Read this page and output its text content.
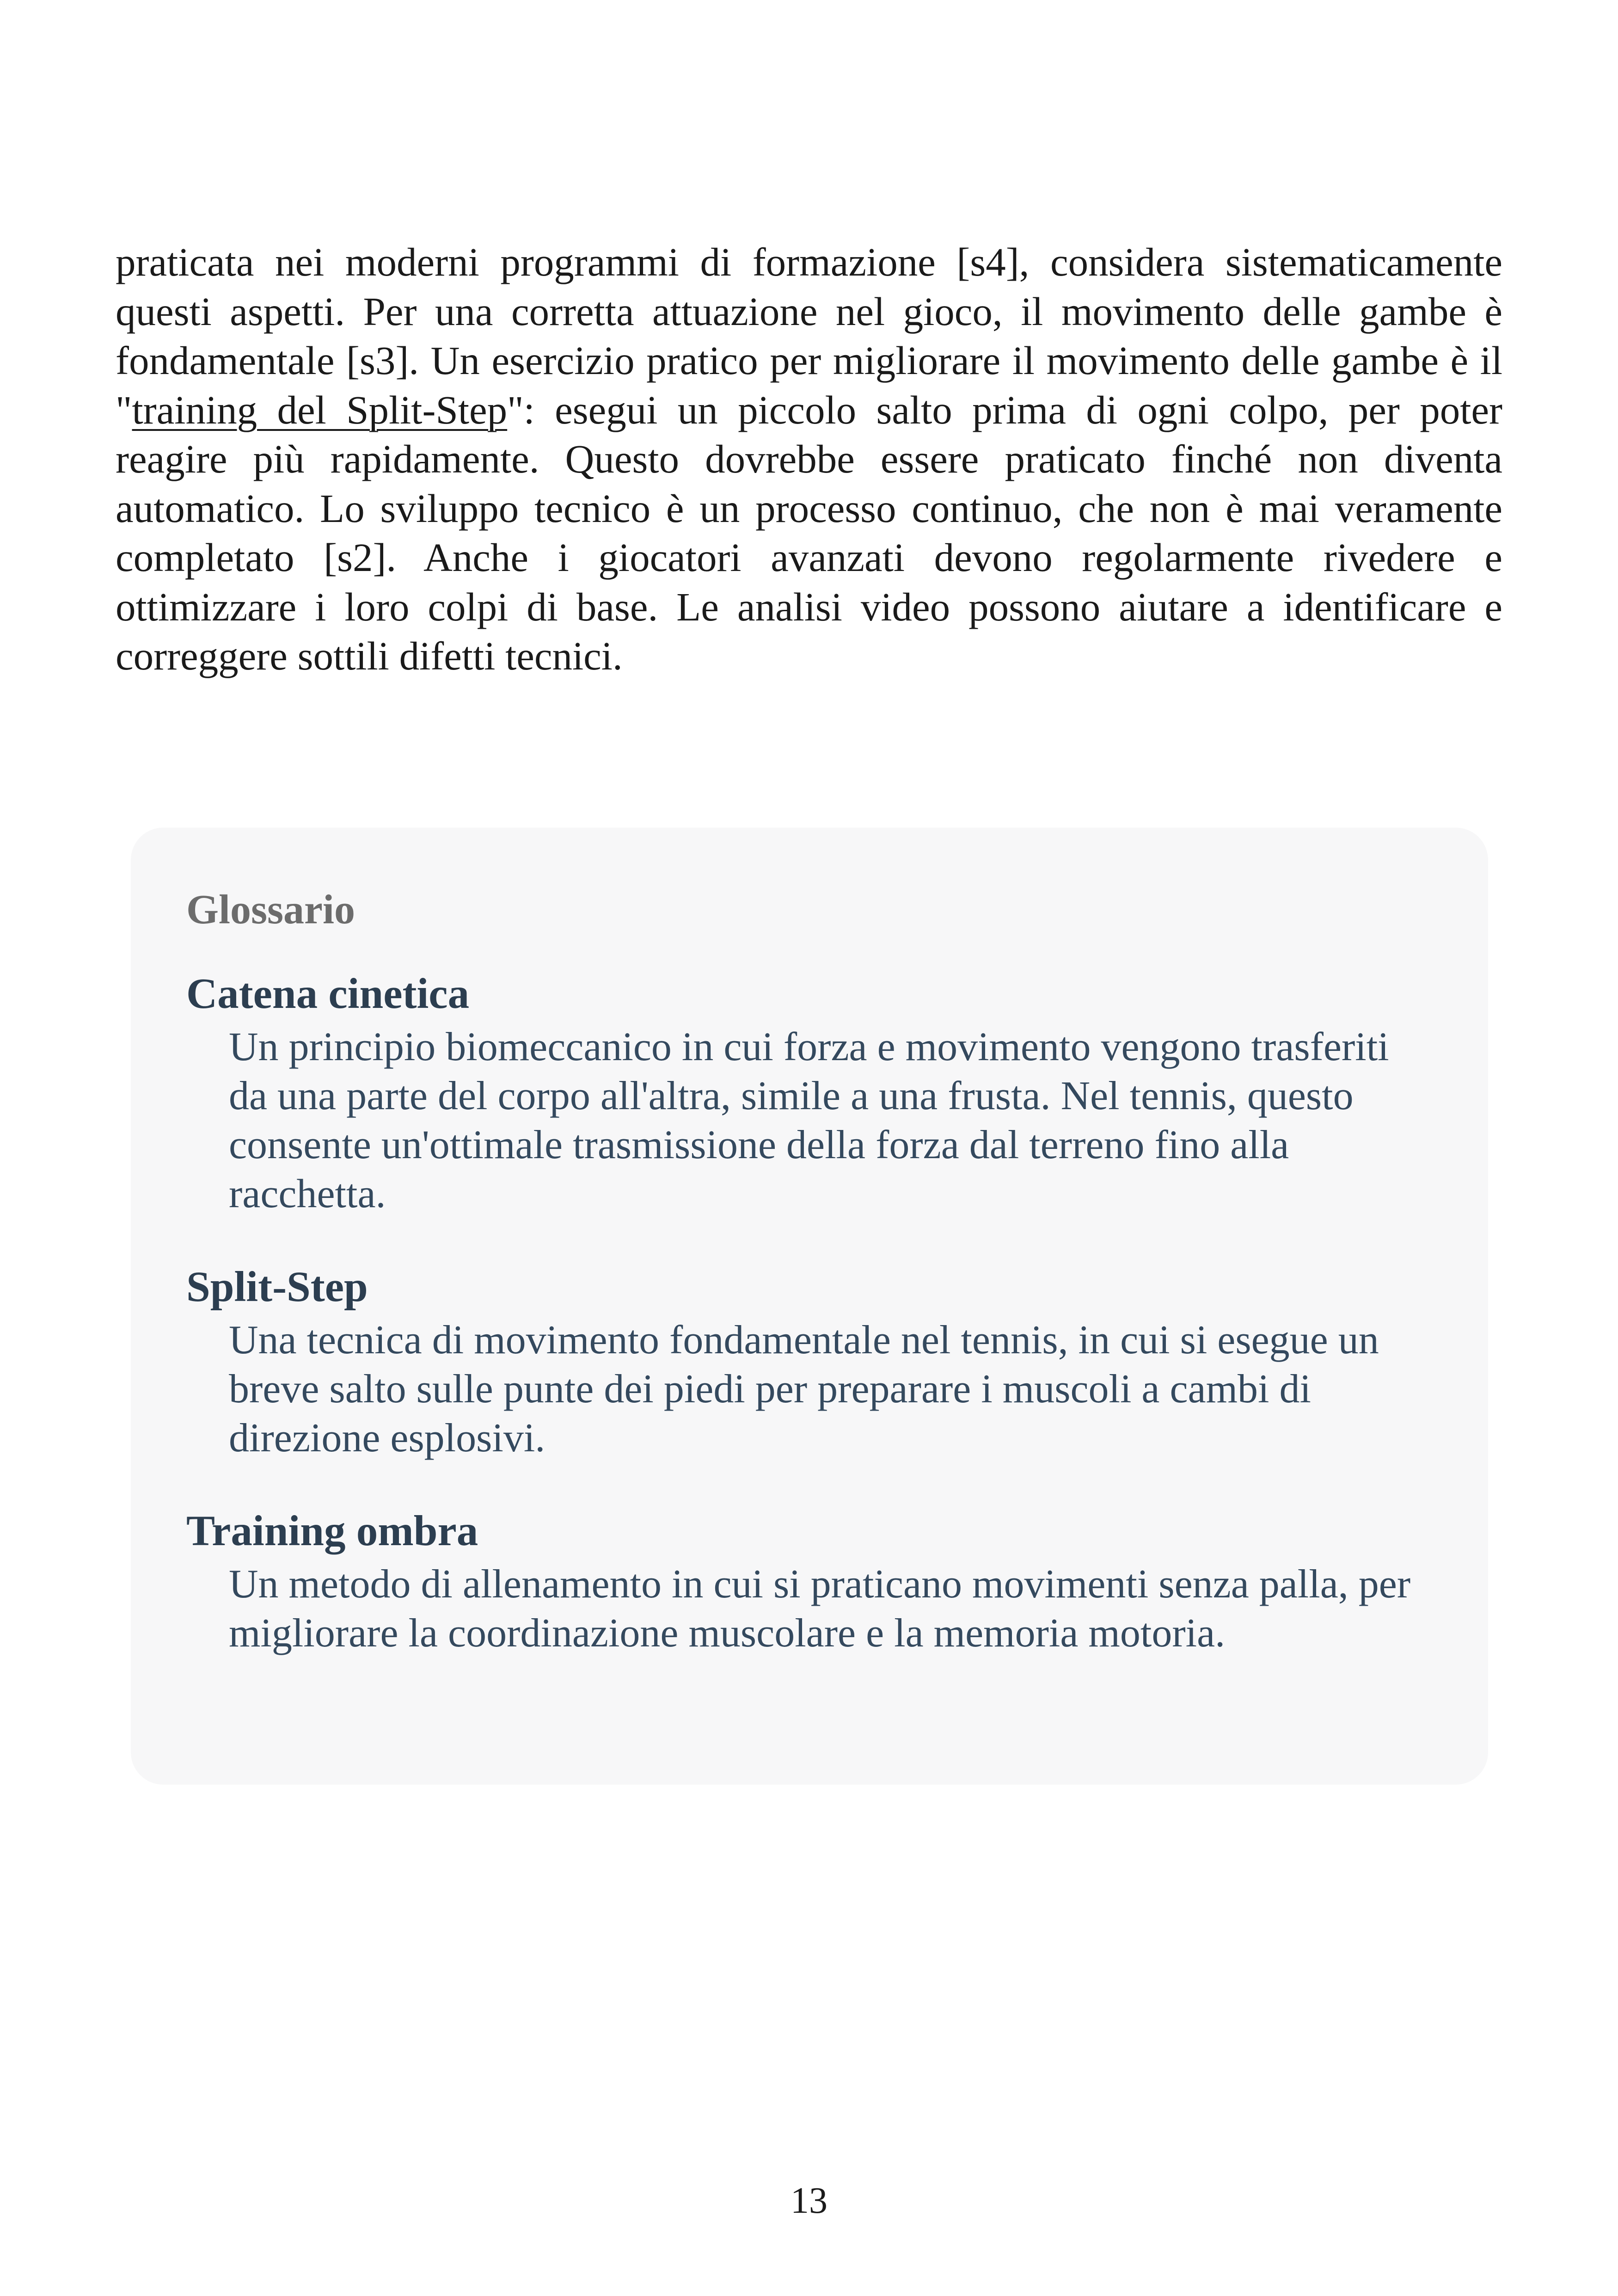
praticata nei moderni programmi di formazione [s4], considera sistematicamente questi aspetti. Per una corretta attuazione nel gioco, il movimento delle gambe è fondamentale [s3]. Un esercizio pratico per migliorare il movimento delle gambe è il "training del Split-Step": esegui un piccolo salto prima di ogni colpo, per poter reagire più rapidamente. Questo dovrebbe essere praticato finché non diventa automatico. Lo sviluppo tecnico è un processo continuo, che non è mai veramente completato [s2]. Anche i giocatori avanzati devono regolarmente rivedere e ottimizzare i loro colpi di base. Le analisi video possono aiutare a identificare e correggere sottili difetti tecnici.

Glossario
Catena cinetica
Un principio biomeccanico in cui forza e movimento vengono trasferiti da una parte del corpo all'altra, simile a una frusta. Nel tennis, questo consente un'ottimale trasmissione della forza dal terreno fino alla racchetta.
Split-Step
Una tecnica di movimento fondamentale nel tennis, in cui si esegue un breve salto sulle punte dei piedi per preparare i muscoli a cambi di direzione esplosivi.
Training ombra
Un metodo di allenamento in cui si praticano movimenti senza palla, per migliorare la coordinazione muscolare e la memoria motoria.
13
